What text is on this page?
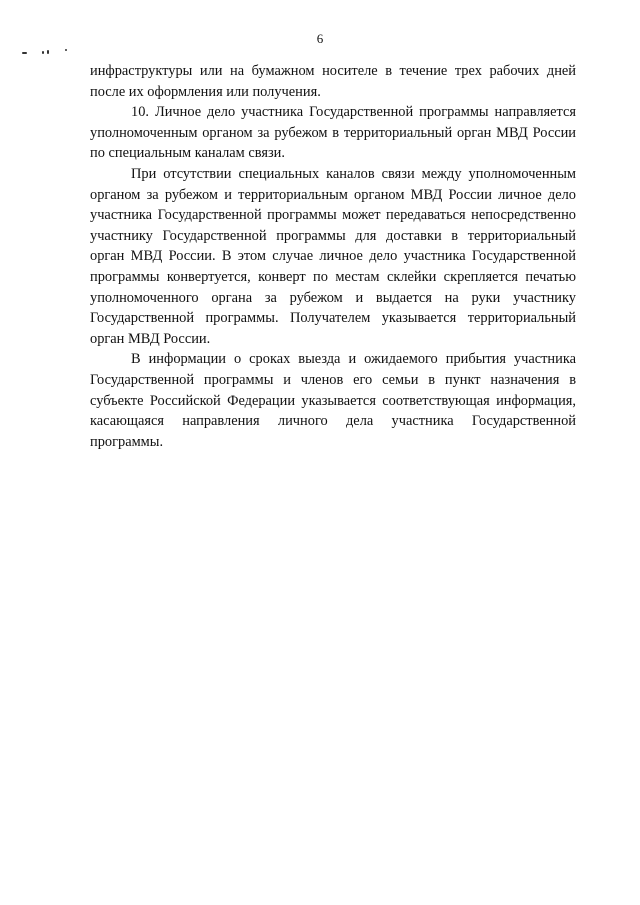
6

инфраструктуры или на бумажном носителе в течение трех рабочих дней после их оформления или получения.

10. Личное дело участника Государственной программы направляется уполномоченным органом за рубежом в территориальный орган МВД России по специальным каналам связи.

При отсутствии специальных каналов связи между уполномоченным органом за рубежом и территориальным органом МВД России личное дело участника Государственной программы может передаваться непосредственно участнику Государственной программы для доставки в территориальный орган МВД России. В этом случае личное дело участника Государственной программы конвертуется, конверт по местам склейки скрепляется печатью уполномоченного органа за рубежом и выдается на руки участнику Государственной программы. Получателем указывается территориальный орган МВД России.

В информации о сроках выезда и ожидаемого прибытия участника Государственной программы и членов его семьи в пункт назначения в субъекте Российской Федерации указывается соответствующая информация, касающаяся направления личного дела участника Государственной программы.
